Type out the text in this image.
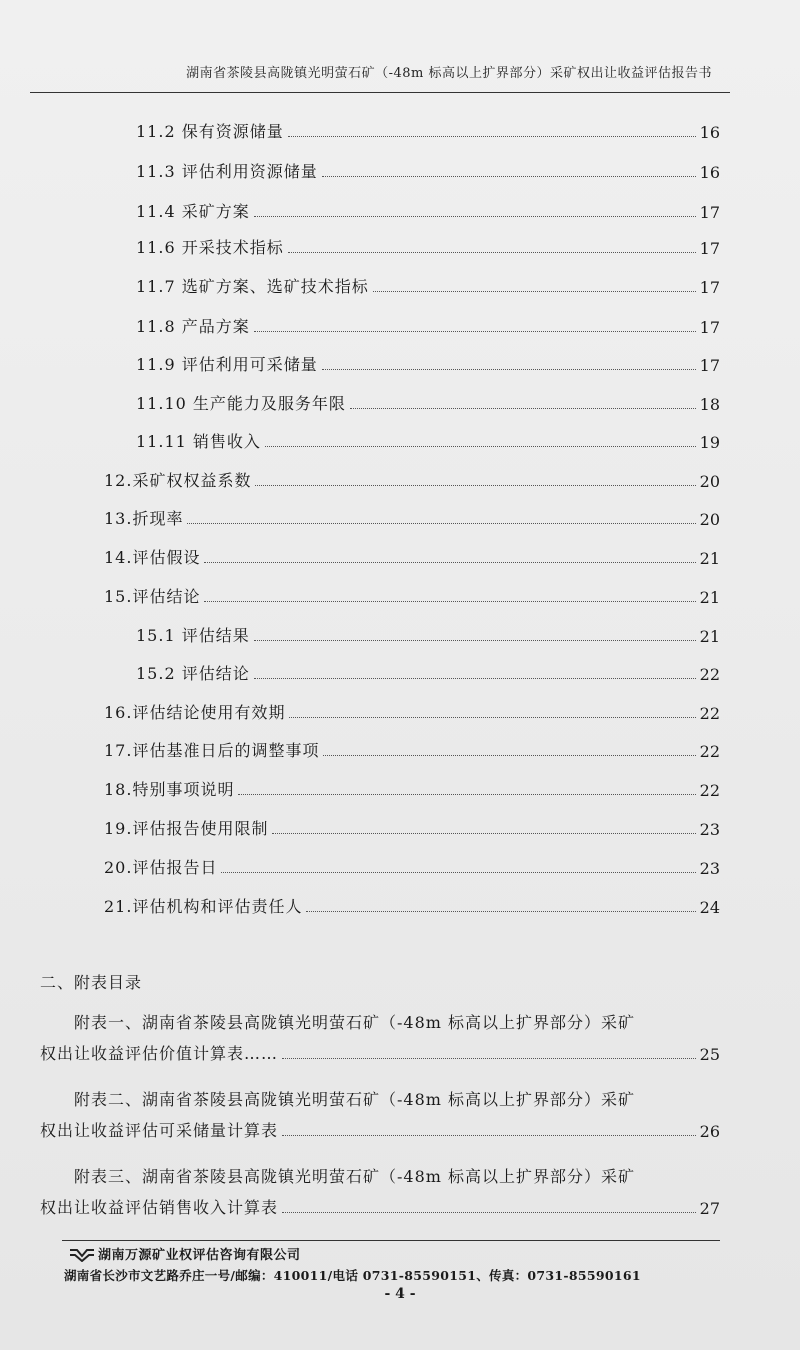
湖南省茶陵县高陇镇光明萤石矿（-48m 标高以上扩界部分）采矿权出让收益评估报告书
11.2 保有资源储量	16
11.3 评估利用资源储量	16
11.4 采矿方案	17
11.6 开采技术指标	17
11.7 选矿方案、选矿技术指标	17
11.8 产品方案	17
11.9 评估利用可采储量	17
11.10 生产能力及服务年限	18
11.11 销售收入	19
12.采矿权权益系数	20
13.折现率	20
14.评估假设	21
15.评估结论	21
15.1 评估结果	21
15.2 评估结论	22
16.评估结论使用有效期	22
17.评估基准日后的调整事项	22
18.特别事项说明	22
19.评估报告使用限制	23
20.评估报告日	23
21.评估机构和评估责任人	24
二、附表目录
附表一、湖南省茶陵县高陇镇光明萤石矿（-48m 标高以上扩界部分）采矿
权出让收益评估价值计算表……	25
附表二、湖南省茶陵县高陇镇光明萤石矿（-48m 标高以上扩界部分）采矿
权出让收益评估可采储量计算表	26
附表三、湖南省茶陵县高陇镇光明萤石矿（-48m 标高以上扩界部分）采矿
权出让收益评估销售收入计算表	27
湖南万源矿业权评估咨询有限公司
湖南省长沙市文艺路乔庄一号/邮编：410011/电话 0731-85590151、传真：0731-85590161
- 4 -
